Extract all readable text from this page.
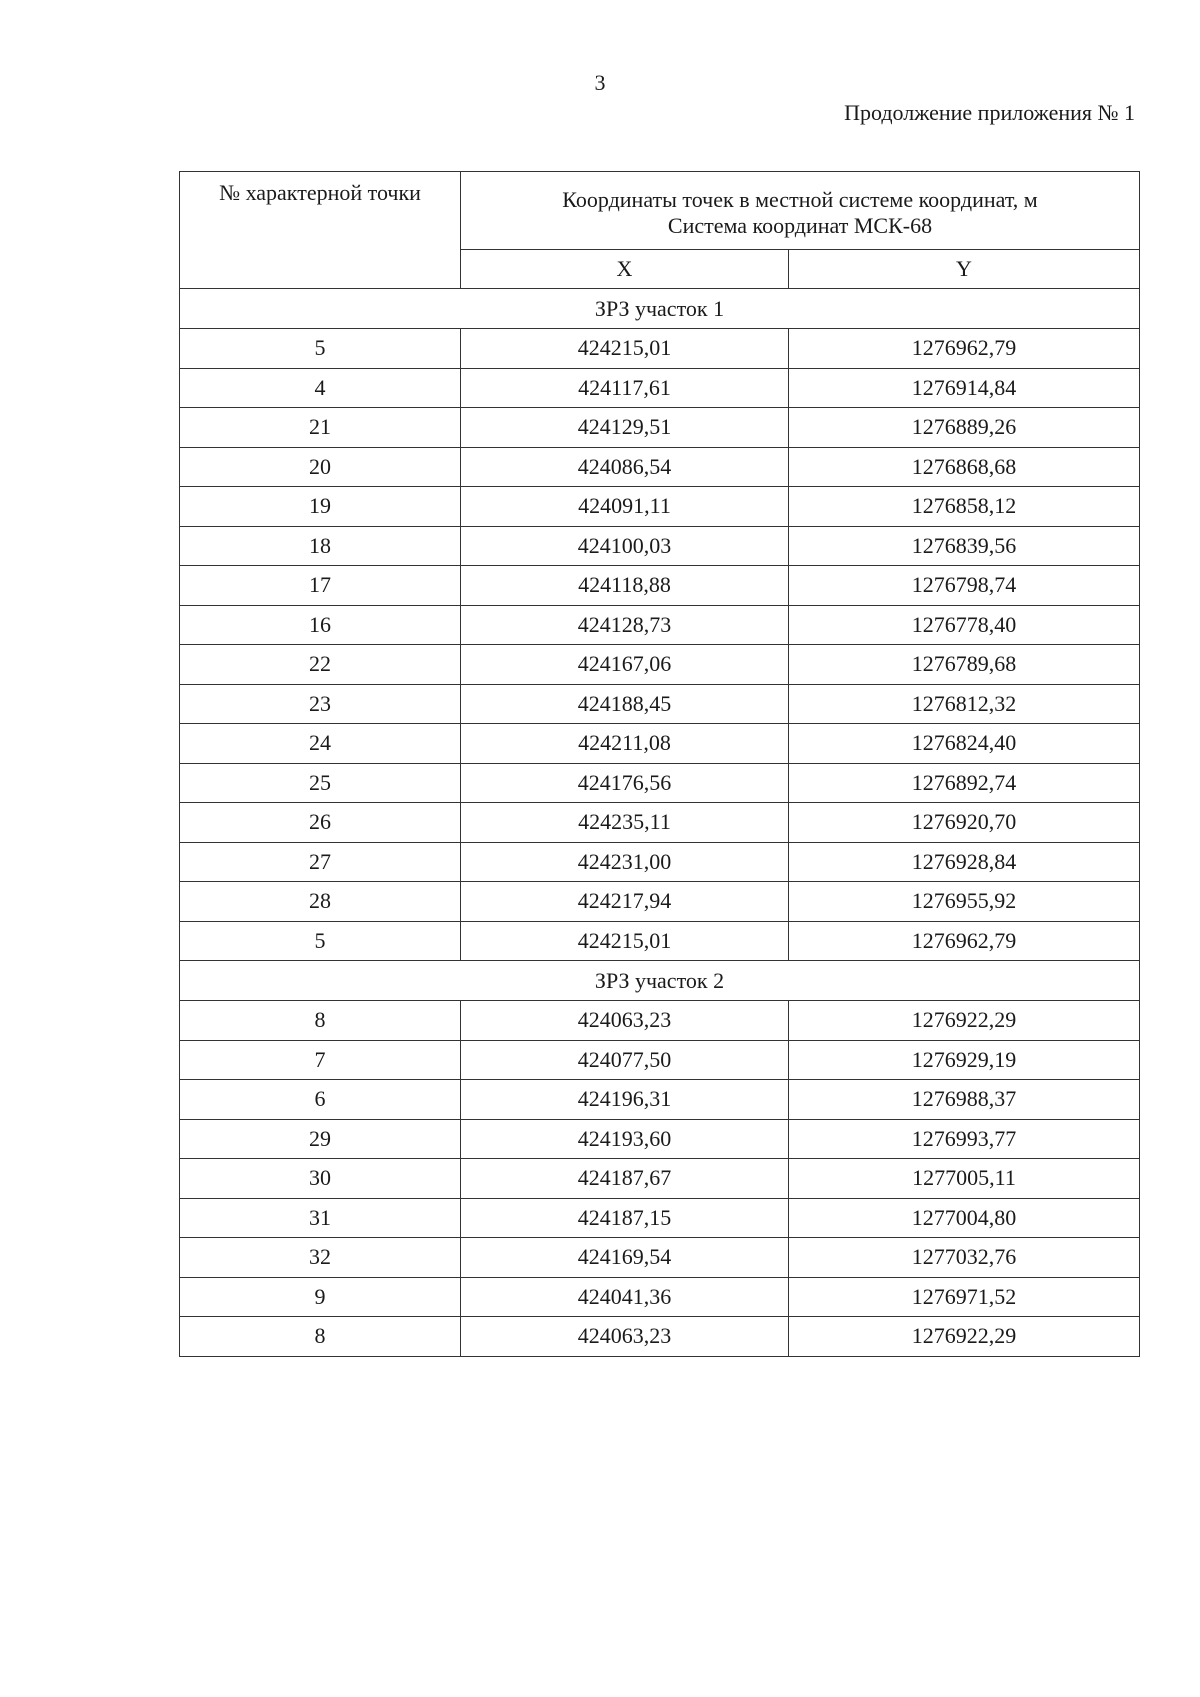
3
Продолжение приложения № 1
№ характерной точки	Координаты точек в местной системе координат, м
Система координат МСК-68	

	X	Y
ЗРЗ участок 1		
5	424215,01	1276962,79
4	424117,61	1276914,84
21	424129,51	1276889,26
20	424086,54	1276868,68
19	424091,11	1276858,12
18	424100,03	1276839,56
17	424118,88	1276798,74
16	424128,73	1276778,40
22	424167,06	1276789,68
23	424188,45	1276812,32
24	424211,08	1276824,40
25	424176,56	1276892,74
26	424235,11	1276920,70
27	424231,00	1276928,84
28	424217,94	1276955,92
5	424215,01	1276962,79
ЗРЗ участок 2		
8	424063,23	1276922,29
7	424077,50	1276929,19
6	424196,31	1276988,37
29	424193,60	1276993,77
30	424187,67	1277005,11
31	424187,15	1277004,80
32	424169,54	1277032,76
9	424041,36	1276971,52
8	424063,23	1276922,29
